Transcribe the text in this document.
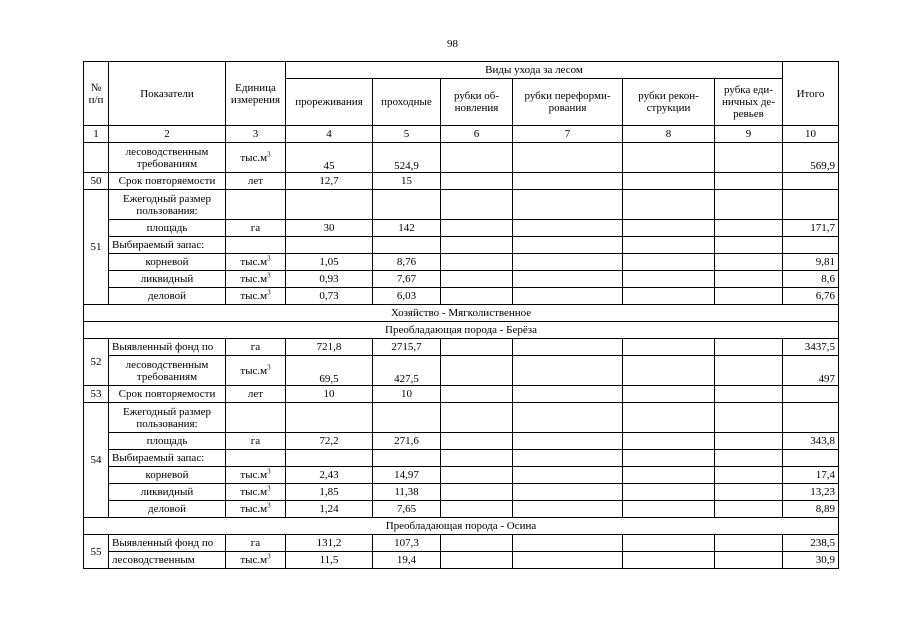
98
№ п/п	Показатели	Единица измерения	Виды ухода за лесом						Итого
			прореживания	проходные	рубки об-новления	рубки переформи-рования	рубки рекон-струкции	рубка еди-ничных де-ревьев	
1	2	3	4	5	6	7	8	9	10
	лесоводственным требованиям	$тыс.м^3$	45	524,9					569,9
50	Срок повторяемости	лет	12,7	15					
51	Ежегодный размер пользования:								
	площадь	га	30	142					171,7
	Выбираемый запас:								
	корневой	$тыс.м^3$	1,05	8,76					9,81
	ликвидный	$тыс.м^3$	0,93	7,67					8,6
	деловой	$тыс.м^3$	0,73	6,03					6,76
Хозяйство - Мягколиственное									
Преобладающая порода - Берёза									
52	Выявленный фонд по	га	721,8	2715,7					3437,5
	лесоводственным требованиям	$тыс.м^3$	69,5	427,5					497
53	Срок повторяемости	лет	10	10					
54	Ежегодный размер пользования:								
	площадь	га	72,2	271,6					343,8
	Выбираемый запас:								
	корневой	$тыс.м^3$	2,43	14,97					17,4
	ликвидный	$тыс.м^3$	1,85	11,38					13,23
	деловой	$тыс.м^3$	1,24	7,65					8,89
Преобладающая порода - Осина									
55	Выявленный фонд по	га	131,2	107,3					238,5
	лесоводственным	$тыс.м^3$	11,5	19,4					30,9
